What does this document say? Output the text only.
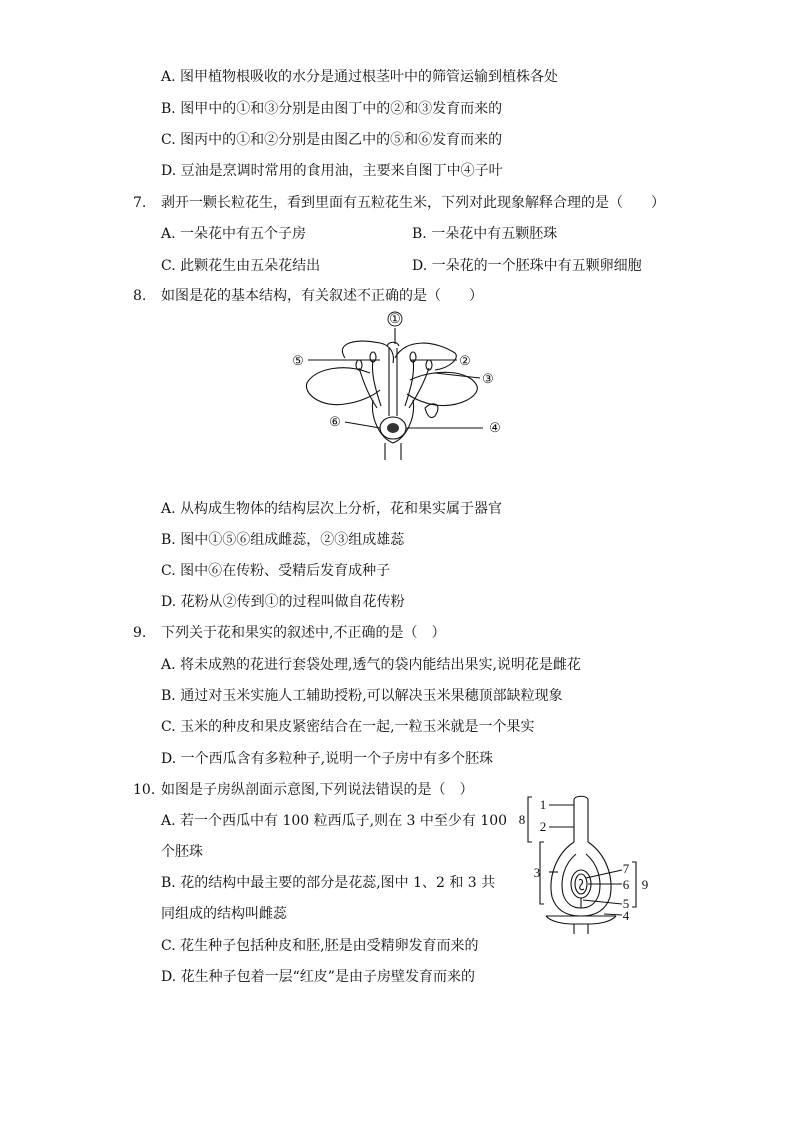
A. 图甲植物根吸收的水分是通过根茎叶中的筛管运输到植株各处
B. 图甲中的①和③分别是由图丁中的②和③发育而来的
C. 图丙中的①和②分别是由图乙中的⑤和⑥发育而来的
D. 豆油是烹调时常用的食用油，主要来自图丁中④子叶
7. 剥开一颗长粒花生，看到里面有五粒花生米，下列对此现象解释合理的是（　　）
A. 一朵花中有五个子房	B. 一朵花中有五颗胚珠
C. 此颗花生由五朵花结出	D. 一朵花的一个胚珠中有五颗卵细胞
8. 如图是花的基本结构，有关叙述不正确的是（　　）
①
②
③
④
⑤
⑥
A. 从构成生物体的结构层次上分析，花和果实属于器官
B. 图中①⑤⑥组成雌蕊，②③组成雄蕊
C. 图中⑥在传粉、受精后发育成种子
D. 花粉从②传到①的过程叫做自花传粉
9. 下列关于花和果实的叙述中,不正确的是（　）
A. 将未成熟的花进行套袋处理,透气的袋内能结出果实,说明花是雌花
B. 通过对玉米实施人工辅助授粉,可以解决玉米果穗顶部缺粒现象
C. 玉米的种皮和果皮紧密结合在一起,一粒玉米就是一个果实
D. 一个西瓜含有多粒种子,说明一个子房中有多个胚珠
10. 如图是子房纵剖面示意图,下列说法错误的是（　）
A. 若一个西瓜中有 100 粒西瓜子,则在 3 中至少有 100
个胚珠
B. 花的结构中最主要的部分是花蕊,图中 1、2 和 3 共
同组成的结构叫雌蕊
C. 花生种子包括种皮和胚,胚是由受精卵发育而来的
D. 花生种子包着一层“红皮”是由子房壁发育而来的
1
2
3
4
5
6
7
8
9
